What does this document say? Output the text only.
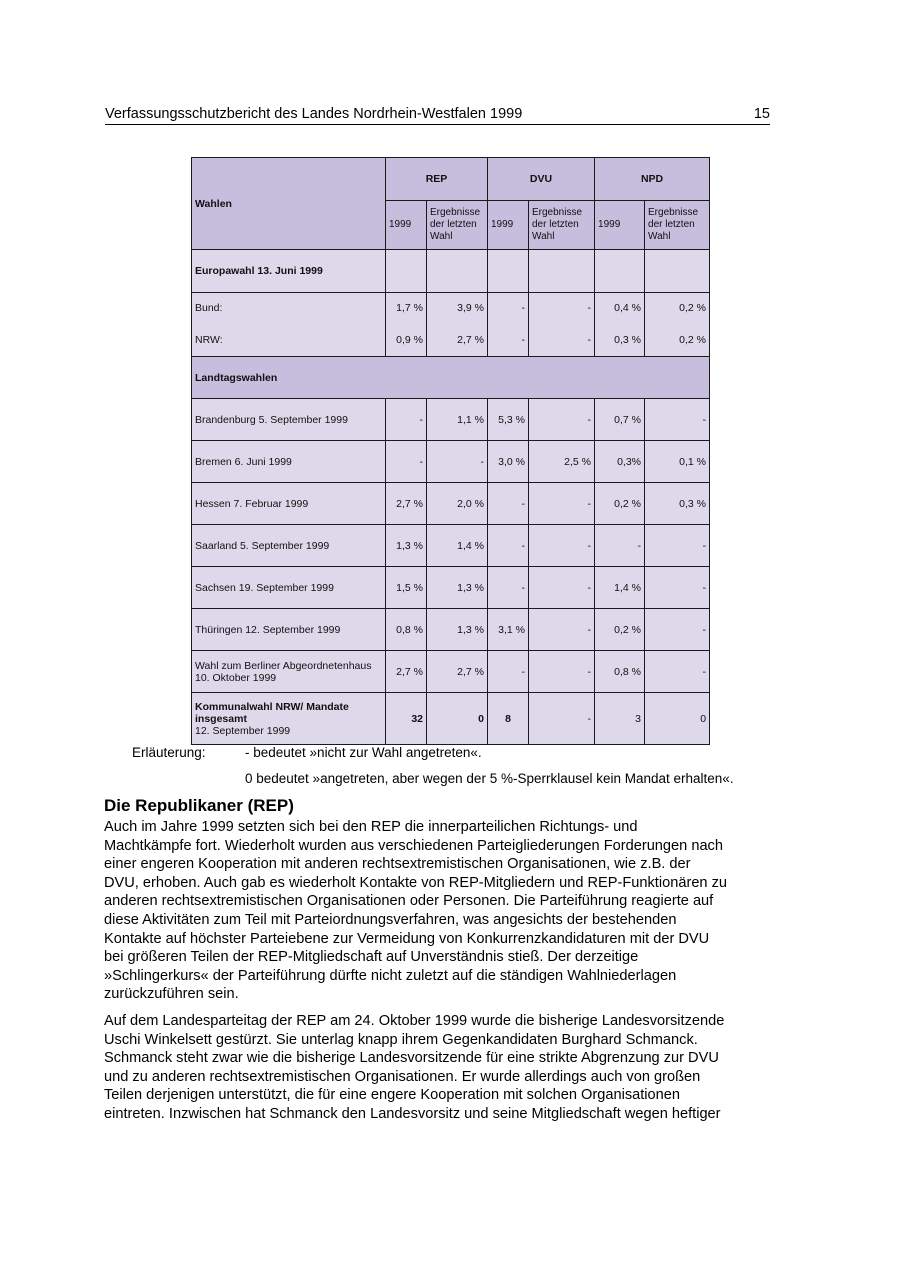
Verfassungsschutzbericht des Landes Nordrhein-Westfalen 1999	15
Wahlen	REP		DVU		NPD	
	1999	Ergebnisse der letzten Wahl	1999	Ergebnisse der letzten Wahl	1999	Ergebnisse der letzten Wahl
Europawahl 13. Juni 1999						
Bund:	1,7 %	3,9 %	-	-	0,4 %	0,2 %
NRW:	0,9 %	2,7 %	-	-	0,3 %	0,2 %
Landtagswahlen						
Brandenburg 5. September 1999	-	1,1 %	5,3 %	-	0,7 %	-
Bremen 6. Juni 1999	-	-	3,0 %	2,5 %	0,3%	0,1 %
Hessen 7. Februar 1999	2,7 %	2,0 %	-	-	0,2 %	0,3 %
Saarland 5. September 1999	1,3 %	1,4 %	-	-	-	-
Sachsen 19. September 1999	1,5 %	1,3 %	-	-	1,4 %	-
Thüringen 12. September 1999	0,8 %	1,3 %	3,1 %	-	0,2 %	-
Wahl zum Berliner Abgeordnetenhaus 10. Oktober 1999	2,7 %	2,7 %	-	-	0,8 %	-

Kommunalwahl NRW/ Mandate insgesamt
12. September 1999	32	0	8	-	3	0
Erläuterung:	- bedeutet »nicht zur Wahl angetreten«.
0 bedeutet »angetreten, aber wegen der 5 %-Sperrklausel kein Mandat erhalten«.
Die Republikaner (REP)
Auch im Jahre 1999 setzten sich bei den REP die innerparteilichen Richtungs- und
Machtkämpfe fort. Wiederholt wurden aus verschiedenen Parteigliederungen Forderungen nach
einer engeren Kooperation mit anderen rechtsextremistischen Organisationen, wie z.B. der
DVU, erhoben. Auch gab es wiederholt Kontakte von REP-Mitgliedern und REP-Funktionären zu
anderen rechtsextremistischen Organisationen oder Personen. Die Parteiführung reagierte auf
diese Aktivitäten zum Teil mit Parteiordnungsverfahren, was angesichts der bestehenden
Kontakte auf höchster Parteiebene zur Vermeidung von Konkurrenzkandidaturen mit der DVU
bei größeren Teilen der REP-Mitgliedschaft auf Unverständnis stieß. Der derzeitige
»Schlingerkurs« der Parteiführung dürfte nicht zuletzt auf die ständigen Wahlniederlagen
zurückzuführen sein.
Auf dem Landesparteitag der REP am 24. Oktober 1999 wurde die bisherige Landesvorsitzende
Uschi Winkelsett gestürzt. Sie unterlag knapp ihrem Gegenkandidaten Burghard Schmanck.
Schmanck steht zwar wie die bisherige Landesvorsitzende für eine strikte Abgrenzung zur DVU
und zu anderen rechtsextremistischen Organisationen. Er wurde allerdings auch von großen
Teilen derjenigen unterstützt, die für eine engere Kooperation mit solchen Organisationen
eintreten. Inzwischen hat Schmanck den Landesvorsitz und seine Mitgliedschaft wegen heftiger
